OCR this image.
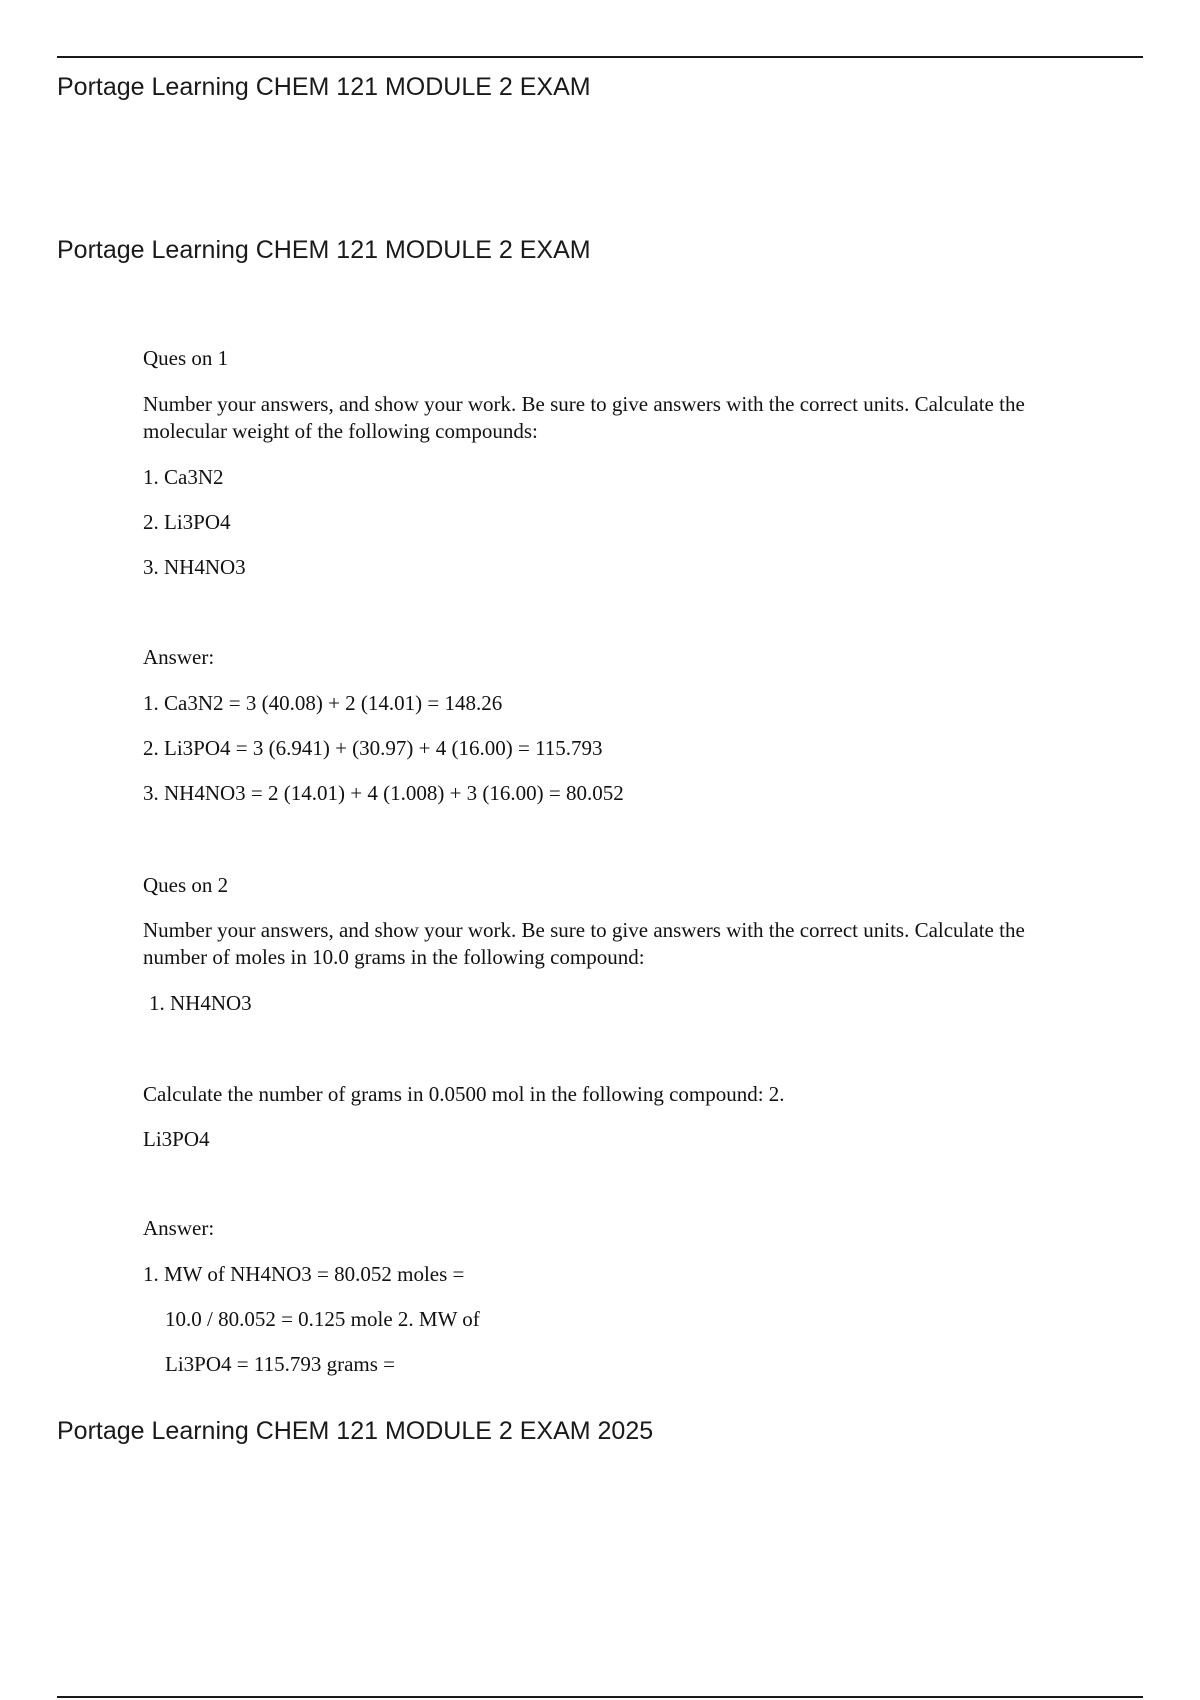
Portage Learning CHEM 121 MODULE 2 EXAM
Portage Learning CHEM 121 MODULE 2 EXAM
Ques on 1
Number your answers, and show your work. Be sure to give answers with the correct units. Calculate the molecular weight of the following compounds:
1. Ca3N2
2. Li3PO4
3. NH4NO3
Answer:
1. Ca3N2 = 3 (40.08) + 2 (14.01) = 148.26
2. Li3PO4 = 3 (6.941) + (30.97) + 4 (16.00) = 115.793
3. NH4NO3 = 2 (14.01) + 4 (1.008) + 3 (16.00) = 80.052
Ques on 2
Number your answers, and show your work. Be sure to give answers with the correct units. Calculate the number of moles in 10.0 grams in the following compound:
1. NH4NO3
Calculate the number of grams in 0.0500 mol in the following compound: 2.
Li3PO4
Answer:
1. MW of NH4NO3 = 80.052 moles =
10.0 / 80.052 = 0.125 mole 2. MW of
Li3PO4 = 115.793 grams =
Portage Learning CHEM 121 MODULE 2 EXAM 2025
